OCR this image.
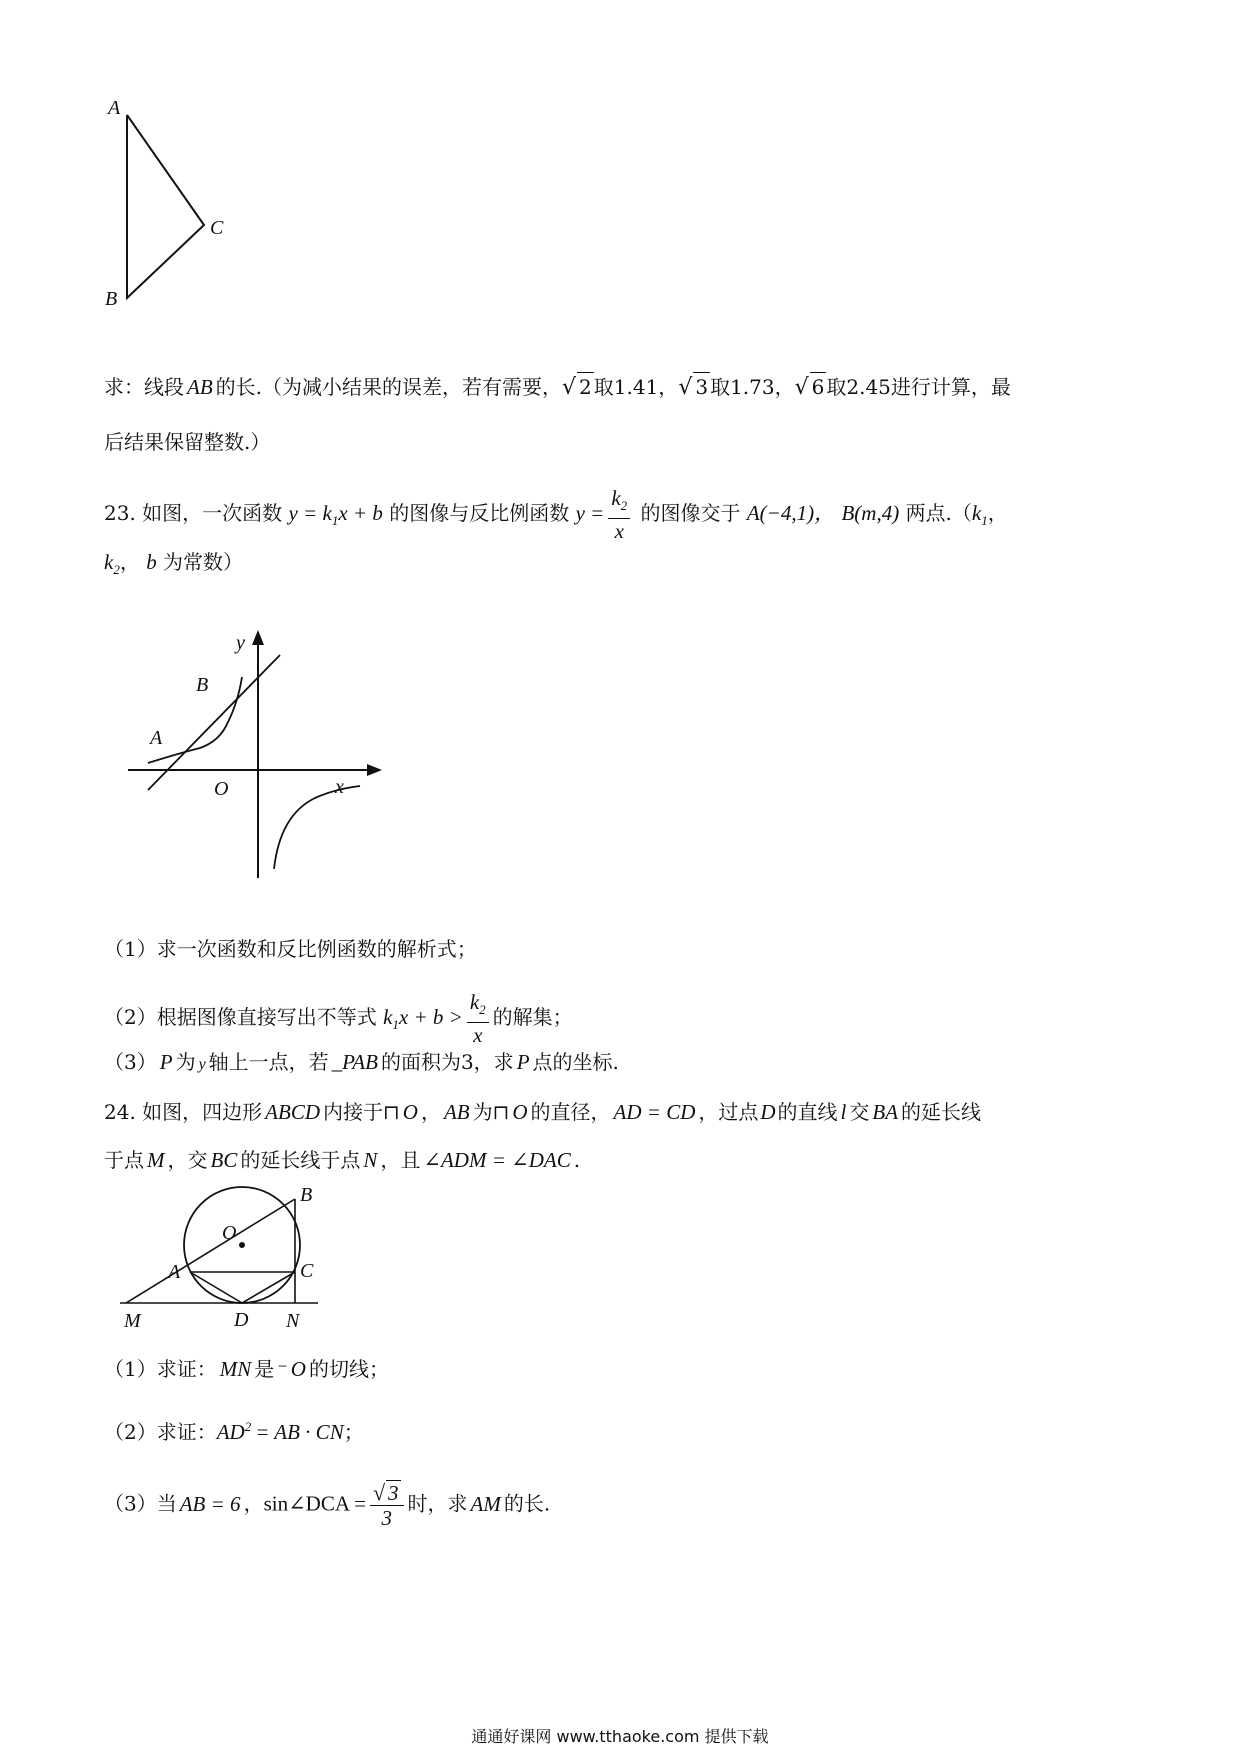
A
C
B
求：线段 AB 的长.（为减小结果的误差，若有需要，√ 2 取1.41，√ 3 取1.73，√ 6 取2.45进行计算，最
后结果保留整数.）
23. 如图，一次函数 $y = k_1x + b$ 的图像与反比例函数 $y = \frac{k_2}{x}$ 的图像交于 A(−4,1)， B(m,4) 两点$.(k_1$，
$k_2$， b 为常数）
y
x
O
A
B
（1）求一次函数和反比例函数的解析式；
（2）根据图像直接写出不等式 $k_1x + b > \frac{k_2}{x}$ 的解集；
（3） P 为 y 轴上一点，若 _PAB 的面积为3，求 P 点的坐标.
24. 如图，四边形 ABCD 内接于⊓ O ， AB 为⊓ O 的直径， AD = CD ，过点D 的直线 l 交 BA 的延长线
于点 M ，交 BC 的延长线于点 N ，且 ∠ADM = ∠DAC .
O
A
B
C
M	D N
（1）求证： MN 是 ⁻ O 的切线；
（2）求证：$AD^2$ = AB · CN；
（3）当 AB = 6 ，sin∠DCA = $\frac{√ 3}{3}$ 时，求 AM 的长.
通通好课网 www.tthaoke.com 提供下载
